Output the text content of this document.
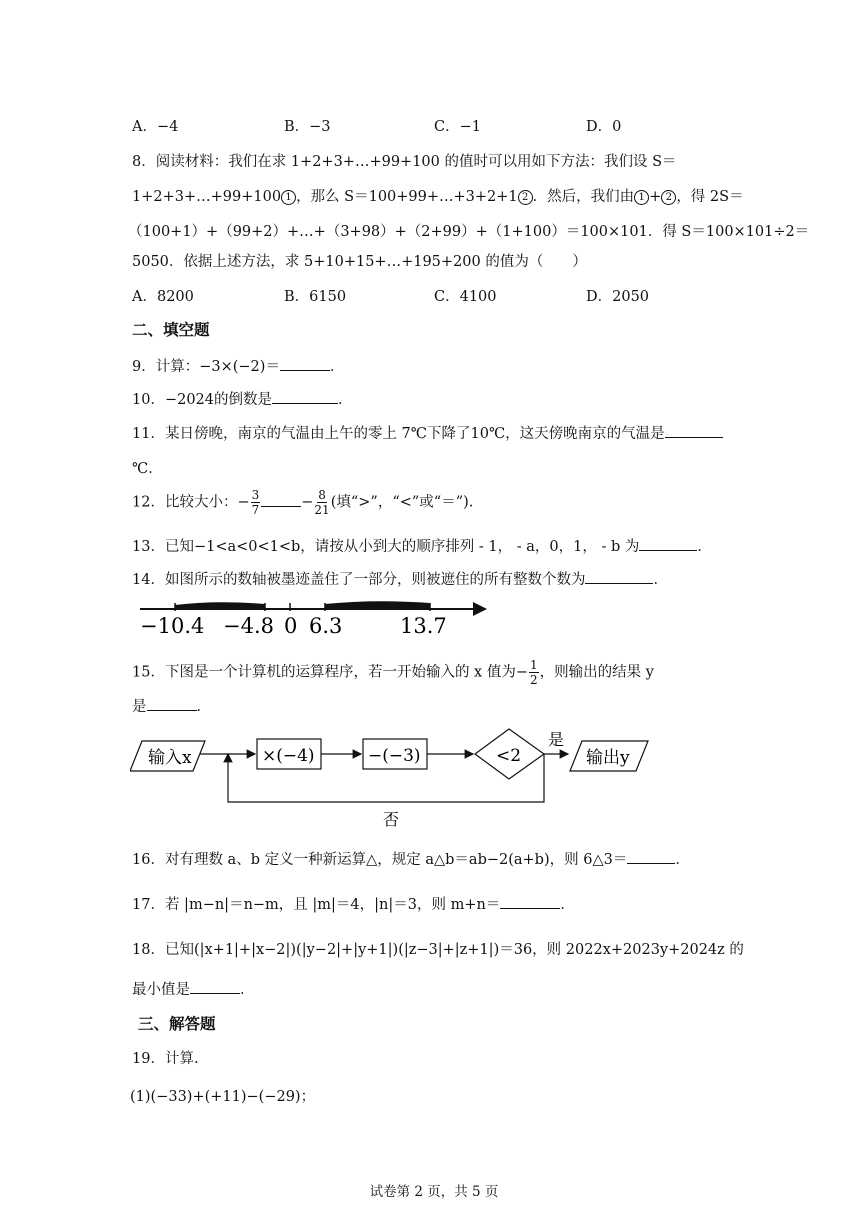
A．−4	B．−3	C．−1	D．0
8．阅读材料：我们在求 1+2+3+…+99+100 的值时可以用如下方法：我们设 S＝
1+2+3+…+99+100 1 ，那么 S＝100+99+…+3+2+1 2 ．然后，我们由 1 + 2 ，得 2S＝
（100+1）+（99+2）+…+（3+98）+（2+99）+（1+100）＝100×101．得 S＝100×101÷2＝
5050．依据上述方法，求 5+10+15+…+195+200 的值为（　　）
A．8200	B．6150	C．4100	D．2050
二、填空题
9．计算：−3×(−2)＝	．
10．−2024的倒数是	．
11．某日傍晚，南京的气温由上午的零上 7℃下降了10℃，这天傍晚南京的气温是
℃．
12．比较大小：− $\frac{3}{7}$	− $\frac{8}{21}$ (填“>”，“<”或“＝”).
13．已知−1<a<0<1<b，请按从小到大的顺序排列 - 1， - a，0，1， - b 为	．
14．如图所示的数轴被墨迹盖住了一部分，则被遮住的所有整数个数为	．
−10.4 −4.8 0 6.3	13.7
15．下图是一个计算机的运算程序，若一开始输入的 x 值为− $\frac{1}{2}$ ，则输出的结果 y
是	．
输入x	×(−4)	−(−3)	<2
是
输出y
否
16．对有理数 a、b 定义一种新运算△，规定 a△b＝ab−2(a+b)，则 6△3＝	．
17．若 |m−n|＝n−m，且 |m|＝4，|n|＝3，则 m+n＝	．
18．已知(|x+1|+|x−2|)(|y−2|+|y+1|)(|z−3|+|z+1|)＝36，则 2022x+2023y+2024z 的
最小值是	．
三、解答题
19．计算.
(1)(−33)+(+11)−(−29)；
试卷第 2 页，共 5 页
